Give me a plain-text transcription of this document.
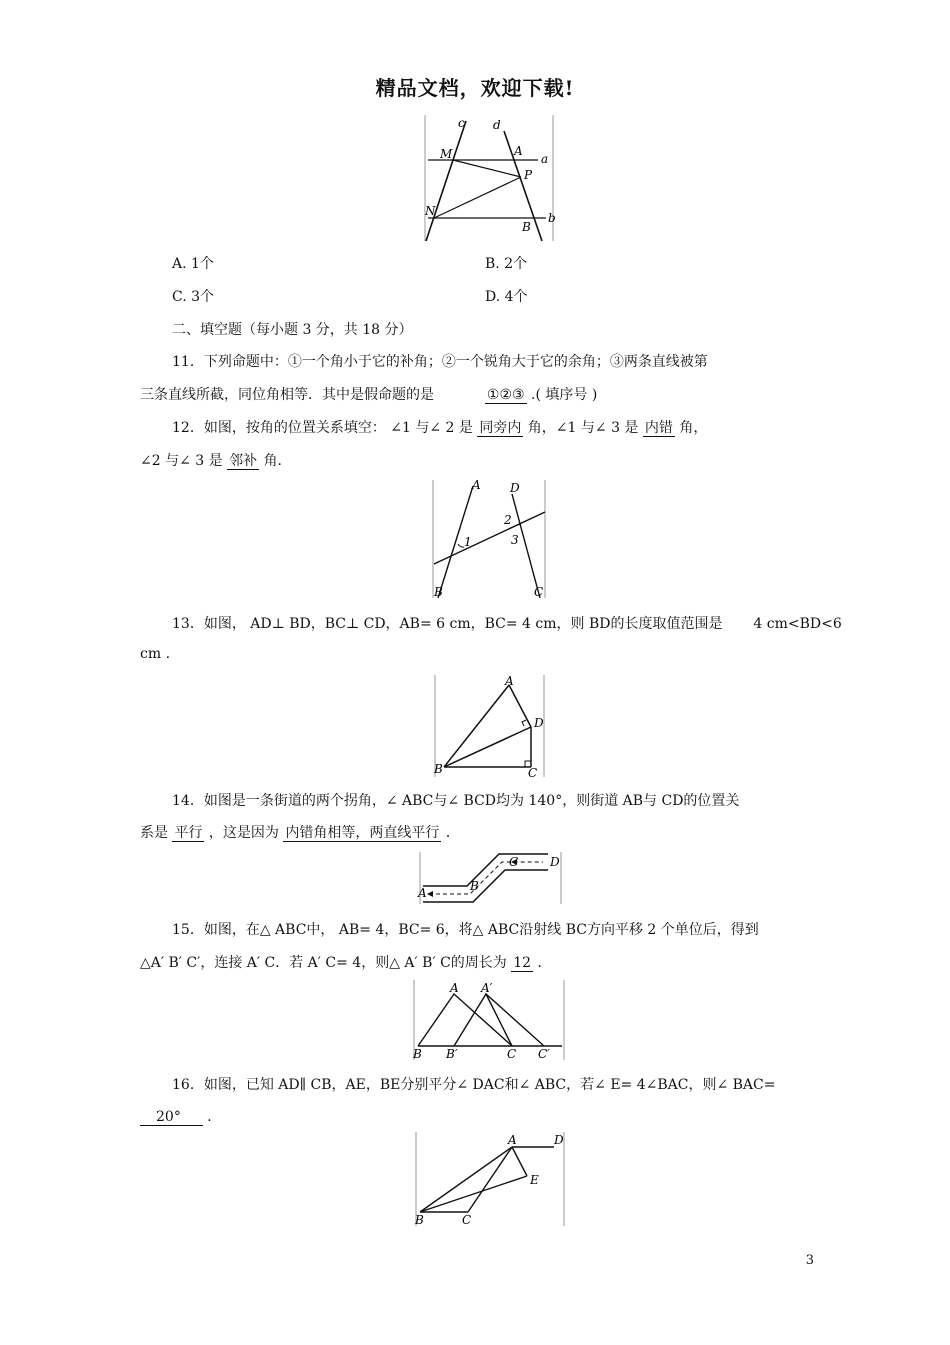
精品文档，欢迎下载!
c d
M	A
a
P
N	b
B
A. 1个	B. 2个
C. 3个	D. 4个
二、填空题（每小题 3 分，共 18 分）
11．下列命题中：①一个角小于它的补角；②一个锐角大于它的余角；③两条直线被第
三条直线所截，同位角相等．其中是假命题的是	①②③ .( 填序号 )
12．如图，按角的位置关系填空： ∠1 与∠ 2 是 同旁内 角，∠1 与∠ 3 是 内错 角，
∠2 与∠ 3 是 邻补 角．
A D
2
1	3
B	C
13．如图， AD⊥ BD，BC⊥ CD，AB= 6 cm，BC= 4 cm，则 BD的长度取值范围是 4 cm<BD<6
cm .
A
D
B	C
14．如图是一条街道的两个拐角，∠ ABC与∠ BCD均为 140°，则街道 AB与 CD的位置关
系是 平行 ，这是因为 内错角相等，两直线平行 ．
A	B
C	D
15．如图，在△ ABC中， AB= 4，BC= 6，将△ ABC沿射线 BC方向平移 2 个单位后，得到
△A′ B′ C′，连接 A′ C．若 A′ C= 4，则△ A′ B′ C的周长为 12 ．
A A′
B B′	C C′
16．如图，已知 AD∥ CB，AE，BE分别平分∠ DAC和∠ ABC，若∠ E= 4∠BAC，则∠ BAC=
20° ．
A	D
E
B	C
3
